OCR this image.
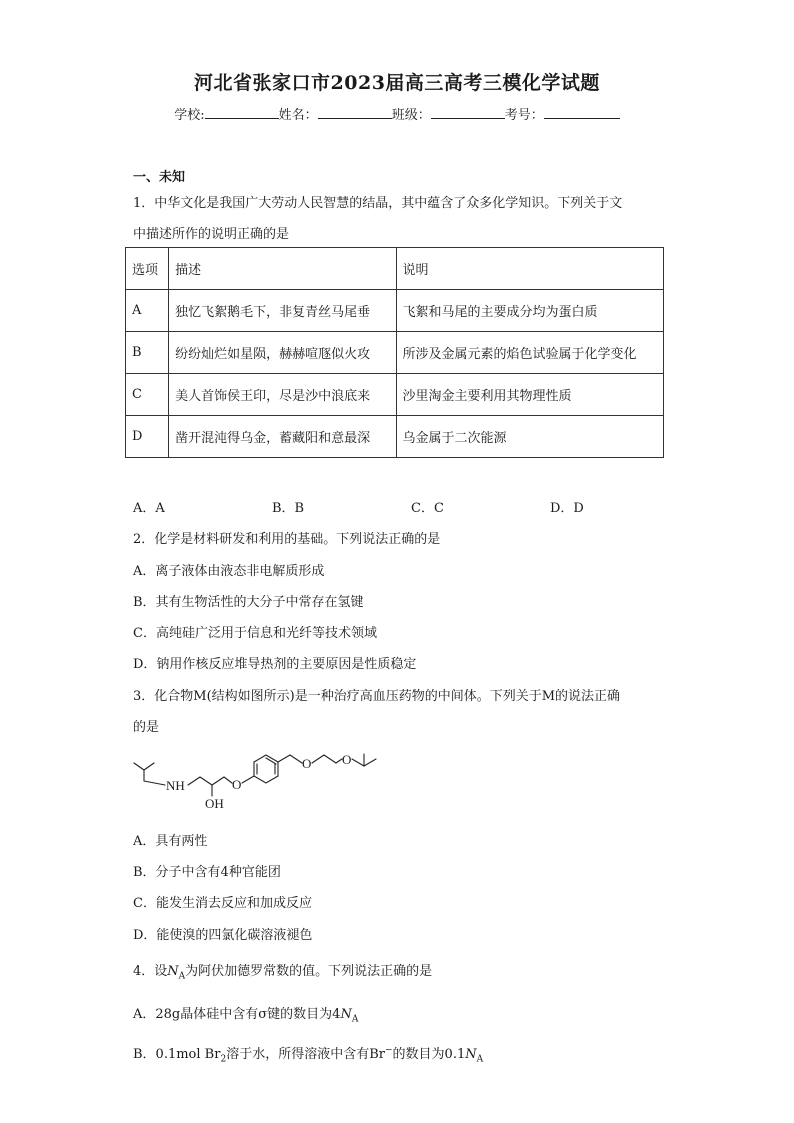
河北省张家口市2023届高三高考三模化学试题
学校:	姓名：	班级：	考号：
一、未知
1．中华文化是我国广大劳动人民智慧的结晶，其中蕴含了众多化学知识。下列关于文
中描述所作的说明正确的是
选项	描述	说明
A	独忆飞絮鹅毛下，非复青丝马尾垂	飞絮和马尾的主要成分均为蛋白质
B	纷纷灿烂如星陨，赫赫喧豗似火攻	所涉及金属元素的焰色试验属于化学变化
C	美人首饰侯王印，尽是沙中浪底来	沙里淘金主要利用其物理性质
D	凿开混沌得乌金，蓄藏阳和意最深	乌金属于二次能源
A．A	B．B	C．C	D．D
2．化学是材料研发和利用的基础。下列说法正确的是
A．离子液体由液态非电解质形成
B．其有生物活性的大分子中常存在氢键
C．高纯硅广泛用于信息和光纤等技术领域
D．钠用作核反应堆导热剂的主要原因是性质稳定
3．化合物M(结构如图所示)是一种治疗高血压药物的中间体。下列关于M的说法正确
的是
NH
OH
O
O O
A．具有两性
B．分子中含有4种官能团
C．能发生消去反应和加成反应
D．能使溴的四氯化碳溶液褪色
4．设$N_A$为阿伏加德罗常数的值。下列说法正确的是
A．28g晶体硅中含有σ键的数目为$4N_A$
B．0.1mol $Br_2$溶于水，所得溶液中含有Br−的数目为$0.1N_A$
